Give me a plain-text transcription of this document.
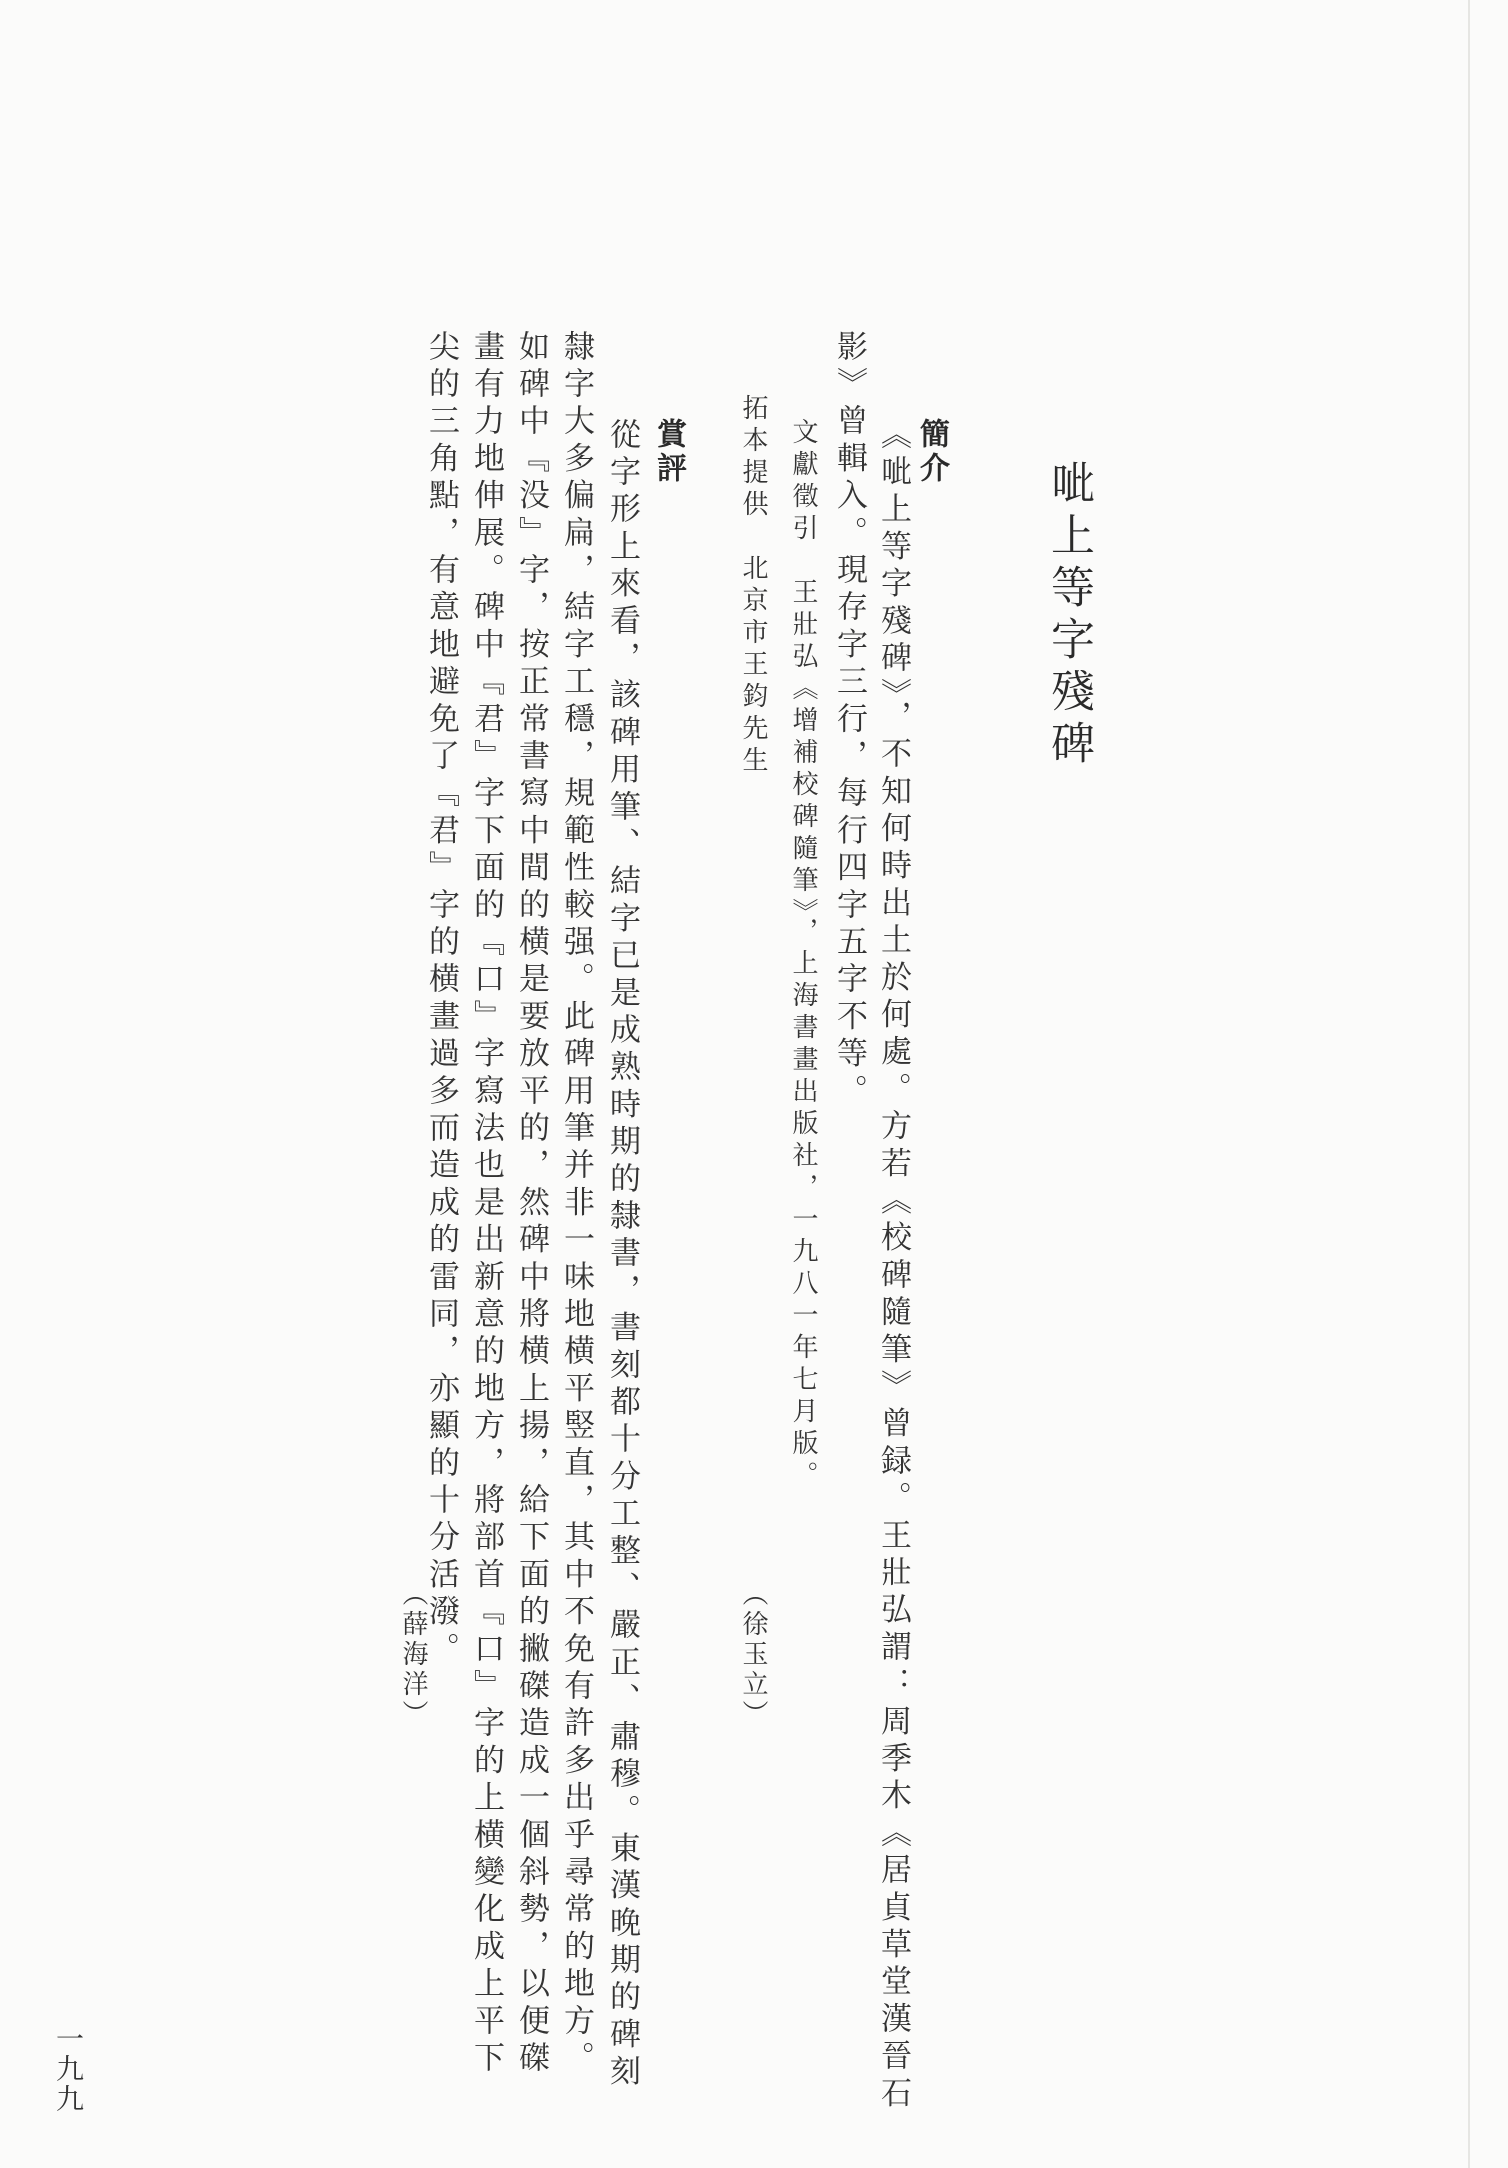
呲上等字殘碑
簡介
《呲上等字殘碑》，不知何時出土於何處。方若《校碑隨筆》曾録。王壯弘謂：周季木《居貞草堂漢晉石
影》曾輯入。現存字三行，每行四字五字不等。
文獻徵引　王壯弘《增補校碑隨筆》，上海書畫出版社，一九八一年七月版。
拓本提供　北京市王鈞先生
（徐玉立）
賞評
從字形上來看，該碑用筆、結字已是成熟時期的隸書，書刻都十分工整、嚴正、肅穆。東漢晚期的碑刻
隸字大多偏扁，結字工穩，規範性較强。此碑用筆并非一味地横平竪直，其中不免有許多出乎尋常的地方。
如碑中『没』字，按正常書寫中間的横是要放平的，然碑中將横上揚，給下面的撇磔造成一個斜勢，以便磔
畫有力地伸展。碑中『君』字下面的『口』字寫法也是出新意的地方，將部首『口』字的上横變化成上平下
尖的三角點，有意地避免了『君』字的横畫過多而造成的雷同，亦顯的十分活潑。
（薛海洋）
一九九
